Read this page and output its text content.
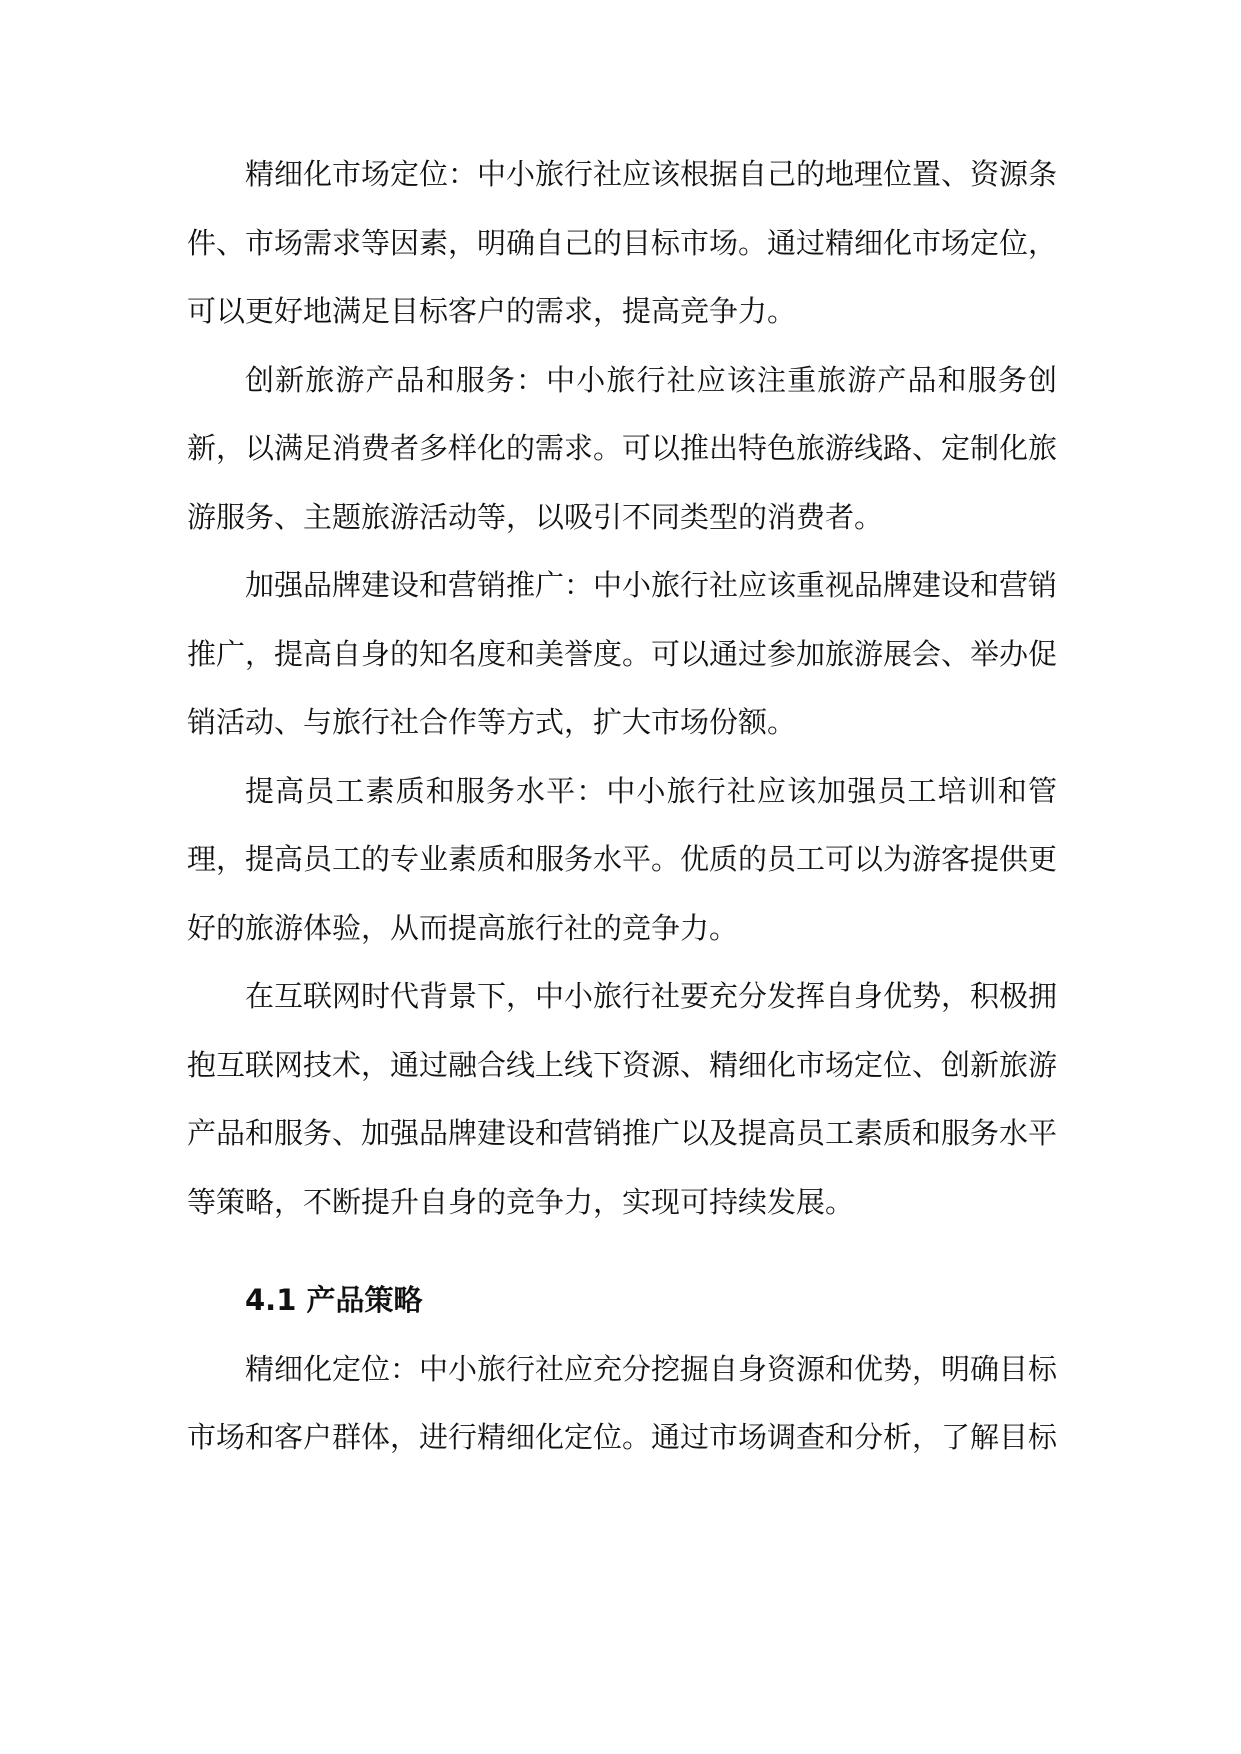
精细化市场定位：中小旅行社应该根据自己的地理位置、资源条件、市场需求等因素，明确自己的目标市场。通过精细化市场定位，可以更好地满足目标客户的需求，提高竞争力。

创新旅游产品和服务：中小旅行社应该注重旅游产品和服务创新，以满足消费者多样化的需求。可以推出特色旅游线路、定制化旅游服务、主题旅游活动等，以吸引不同类型的消费者。

加强品牌建设和营销推广：中小旅行社应该重视品牌建设和营销推广，提高自身的知名度和美誉度。可以通过参加旅游展会、举办促销活动、与旅行社合作等方式，扩大市场份额。

提高员工素质和服务水平：中小旅行社应该加强员工培训和管理，提高员工的专业素质和服务水平。优质的员工可以为游客提供更好的旅游体验，从而提高旅行社的竞争力。

在互联网时代背景下，中小旅行社要充分发挥自身优势，积极拥抱互联网技术，通过融合线上线下资源、精细化市场定位、创新旅游产品和服务、加强品牌建设和营销推广以及提高员工素质和服务水平等策略，不断提升自身的竞争力，实现可持续发展。

4.1 产品策略

精细化定位：中小旅行社应充分挖掘自身资源和优势，明确目标市场和客户群体，进行精细化定位。通过市场调查和分析，了解目标
